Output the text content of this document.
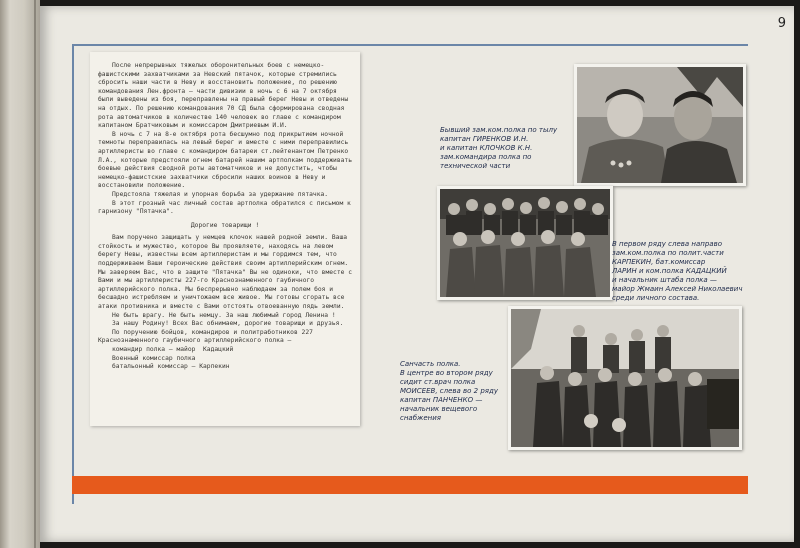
9

После непрерывных тяжелых оборонительных боев с немецко-фашистскими захватчиками за Невский пятачок, которые стремились сбросить наши части в Неву и восстановить положение, по решению командования Лен.фронта — части дивизии в ночь с 6 на 7 октября были выведены из боя, переправлены на правый берег Невы и отведены на отдых. По решению командования 70 СД была сформирована сводная рота автоматчиков в количестве 140 человек во главе с командиром капитаном Братчиковым и комиссаром Дмитриевым И.И.

В ночь с 7 на 8-е октября рота бесшумно под прикрытием ночной темноты переправилась на левый берег и вместе с ними переправились артиллеристы во главе с командиром батареи ст.лейтенантом Петренко Л.А., которые предстояли огнем батарей нашим артполкам поддерживать боевые действия сводной роты автоматчиков и не допустить, чтобы немецко-фашистские захватчики сбросили наших воинов в Неву и восстановили положение.

Предстояла тяжелая и упорная борьба за удержание пятачка.

В этот грозный час личный состав артполка обратился с письмом к гарнизону "Пятачка".

Дорогие товарищи !

Вам поручено защищать у немцев клочок нашей родной земли. Ваша стойкость и мужество, которое Вы проявляете, находясь на левом берегу Невы, известны всем артиллеристам и мы гордимся тем, что поддерживаем Ваши героические действия своим артиллерийским огнем. Мы заверяем Вас, что в защите "Пятачка" Вы не одиноки, что вместе с Вами и мы артиллеристы 227-го Краснознаменного гаубичного артиллерийского полка. Мы беспрерывно наблюдаем за полем боя и бесшадно истребляем и уничтожаем все живое. Мы готовы сгорать все атаки противника и вместе с Вами отстоять отвоеванную пядь земли.

Не быть врагу. Не быть немцу. За наш любимый город Ленина !

За нашу Родину! Всех Вас обнимаем, дорогие товарищи и друзья.

По поручению бойцов, командиров и политработников 227 Краснознаменного гаубичного артиллерийского полка —

командир полка — майор  Кадацкий

Военный комиссар полка

батальонный комиссар — Карпекин

Бывший зам.ком.полка по тылу
капитан ГИРЕНКОВ И.Н.
и капитан КЛОЧКОВ К.Н.
зам.командира полка по
технической части
В первом ряду слева направо
зам.ком.полка по полит.части
КАРПЕКИН, бат.комиссар
ЛАРИН и ком.полка КАДАЦКИЙ
и начальник штаба полка —
майор Жмаин Алексей Николаевич
среди личного состава.
Санчасть полка.
В центре во втором ряду
сидит ст.врач полка
МОИСЕЕВ, слева во 2 ряду
капитан ПАНЧЕНКО —
начальник вещевого
снабжения
